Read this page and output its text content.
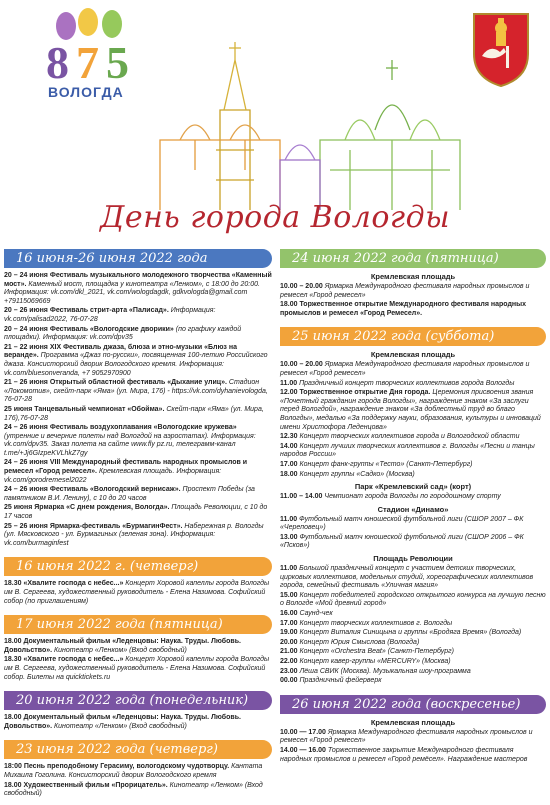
8 7 5
ВОЛОГДА
День города Вологды
16 июня-26 июня 2022 года
20 – 24 июня Фестиваль музыкального молодежного творчества «Каменный мост». Каменный мост, площадка у кинотеатра «Ленком», с 18:00 до 20:00. Информация: vk.com/dkl_2021, vk.com/wologdagdk, gdkvologda@gmail.com +79115069669
20 – 26 июня Фестиваль стрит-арта «Палисад». Информация: vk.com/palisad2022, 76-07-28
20 – 24 июня Фестиваль «Вологодские дворики» (по графику каждой площадки). Информация: vk.com/dpv35
21 – 22 июня XIX Фестиваль джаза, блюза и этно-музыки «Блюз на веранде». Программа «Джаз по-русски», посвященная 100-летию Российского джаза. Консисторский дворик Вологодского кремля. Информация: vk.com/bluesonveranda, +7 9052970900
21 – 26 июня Открытый областной фестиваль «Дыхание улиц». Стадион «Локомотив», скейт-парк «Яма» (ул. Мира, 176) - https://vk.com/dyhanievologda, 76-07-28
25 июня Танцевальный чемпионат «Обойма». Скейт-парк «Яма» (ул. Мира, 176),76-07-28
24 – 26 июня Фестиваль воздухоплавания «Вологодские кружева» (утренние и вечерние полеты над Вологдой на аэростатах). Информация: vk.com/dpv35. Заказ полета на сайте www.fly pz.ru, телеграмм-канал t.me/+Jj6GIzpeKVLhkZ7gy
24 – 26 июня VIII Международный фестиваль народных промыслов и ремесел «Город ремесел». Кремлевская площадь. Информация: vk.com/gorodremesel2022
24 – 26 июня Фестиваль «Вологодский вернисаж». Проспект Победы (за памятником В.И. Ленину), с 10 до 20 часов
25 июня Ярмарка «С днем рождения, Вологда». Площадь Революции, с 10 до 17 часов
25 – 26 июня Ярмарка-фестиваль «БурмагинФест». Набережная р. Вологды (ул. Мясковского - ул. Бурмагиных (зеленая зона). Информация: vk.com/burmaginfest
16 июня 2022 г. (четверг)
18.30 «Хвалите господа с небес...» Концерт Хоровой капеллы города Вологды им В. Сергеева, художественный руководитель - Елена Назимова. Софийский собор (по приглашениям)
17 июня 2022 года (пятница)
18.00 Документальный фильм «Леденцовы: Наука. Труды. Любовь. Довольство». Кинотеатр «Ленком» (Вход свободный)
18.30 «Хвалите господа с небес...» Концерт Хоровой капеллы города Вологды им В. Сергеева, художественный руководитель - Елена Назимова. Софийский собор. Билеты на quicktickets.ru
20 июня 2022 года (понедельник)
18.00 Документальный фильм «Леденцовы: Наука. Труды. Любовь. Довольство». Кинотеатр «Ленком» (Вход свободный)
23 июня 2022 года (четверг)
18:00 Песнь преподобному Герасиму, вологодскому чудотворцу. Кантата Михаила Гоголина. Консисторский дворик Вологодского кремля
18.00 Художественный фильм «Прорицатель». Кинотеатр «Ленком» (Вход свободный)
24 июня 2022 года (пятница)
Кремлевская площадь
10.00 – 20.00 Ярмарка Международного фестиваля народных промыслов и ремесел «Город ремесел»
18.00 Торжественное открытие Международного фестиваля народных промыслов и ремесел «Город Ремесел».
25 июня 2022 года (суббота)
Кремлевская площадь
10.00 – 20.00 Ярмарка Международного фестиваля народных промыслов и ремесел «Город ремесел»
11.00 Праздничный концерт творческих коллективов города Вологды
12.00 Торжественное открытие Дня города. Церемония присвоения звания «Почетный гражданин города Вологды», награждение знаком «За заслуги перед Вологдой», награждение знаком «За доблестный труд во благо Вологды», медалью «За поддержку науки, образования, культуры и инноваций имени Христофора Леденцова»
12.30 Концерт творческих коллективов города и Вологодской области
14.00 Концерт лучших творческих коллективов г. Вологды «Песни и танцы народов России»
17.00 Концерт фанк-группы «Тесто» (Санкт-Петербург)
18.00 Концерт группы «Садко» (Москва)
Парк «Кремлевский сад» (корт)
11.00 – 14.00 Чемпионат города Вологды по городошному спорту
Стадион «Динамо»
11.00 Футбольный матч юношеской футбольной лиги (СШОР 2007 – ФК «Череповец»)
13.00 Футбольный матч юношеской футбольной лиги (СШОР 2006 – ФК «Псков»)
Площадь Революции
11.00 Большой праздничный концерт с участием детских творческих, цирковых коллективов, модельных студий, хореографических коллективов города, семейный фестиваль «Уличная магия»
15.00 Концерт победителей городского открытого конкурса на лучшую песню о Вологде «Мой древний город»
16.00 Саунд-чек
17.00 Концерт творческих коллективов г. Вологды
19.00 Концерт Виталия Синицына и группы «Бродяга Время» (Вологда)
20.00 Концерт Юрия Смыслова (Вологда)
21.00 Концерт «Orchestra Beat» (Санкт-Петербург)
22.00 Концерт кавер-группы «MERCURY» (Москва)
23.00 Лёша СВИК (Москва). Музыкальная шоу-программа
00.00 Праздничный фейерверк
26 июня 2022 года (воскресенье)
Кремлевская площадь
10.00 — 17.00 Ярмарка Международного фестиваля народных промыслов и ремесел «Город ремесел»
14.00 — 16.00 Торжественное закрытие Международного фестиваля народных промыслов и ремесел «Город ремёсел». Награждение мастеров
